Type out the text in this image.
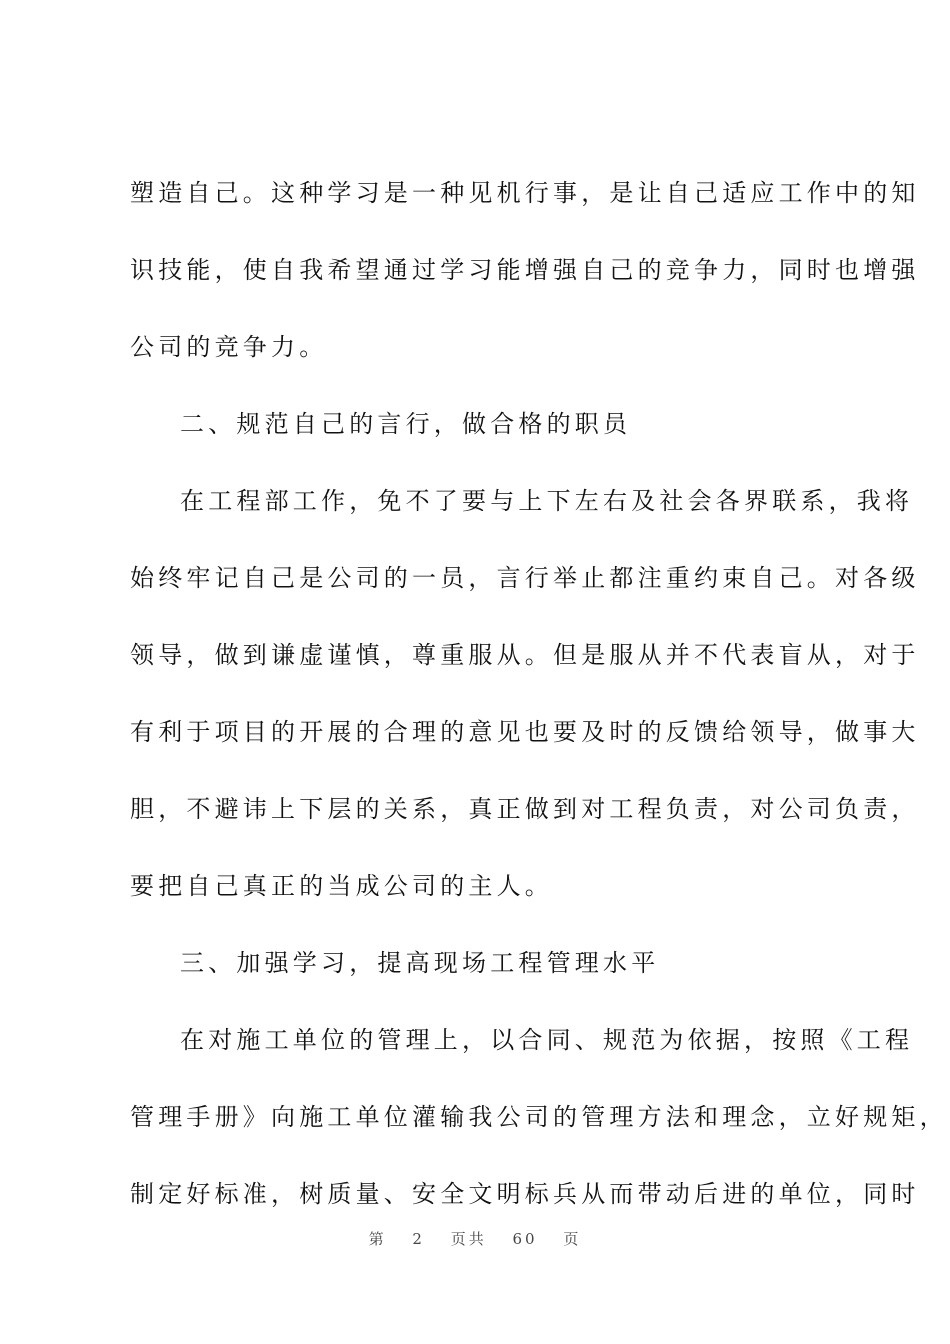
塑造自己。这种学习是一种见机行事，是让自己适应工作中的知
识技能，使自我希望通过学习能增强自己的竞争力，同时也增强
公司的竞争力。
二、规范自己的言行，做合格的职员
在工程部工作，免不了要与上下左右及社会各界联系，我将
始终牢记自己是公司的一员，言行举止都注重约束自己。对各级
领导，做到谦虚谨慎，尊重服从。但是服从并不代表盲从，对于
有利于项目的开展的合理的意见也要及时的反馈给领导，做事大
胆，不避讳上下层的关系，真正做到对工程负责，对公司负责，
要把自己真正的当成公司的主人。
三、加强学习，提高现场工程管理水平
在对施工单位的管理上，以合同、规范为依据，按照《工程
管理手册》向施工单位灌输我公司的管理方法和理念，立好规矩，
制定好标准，树质量、安全文明标兵从而带动后进的单位，同时
第 2 页共 60 页
